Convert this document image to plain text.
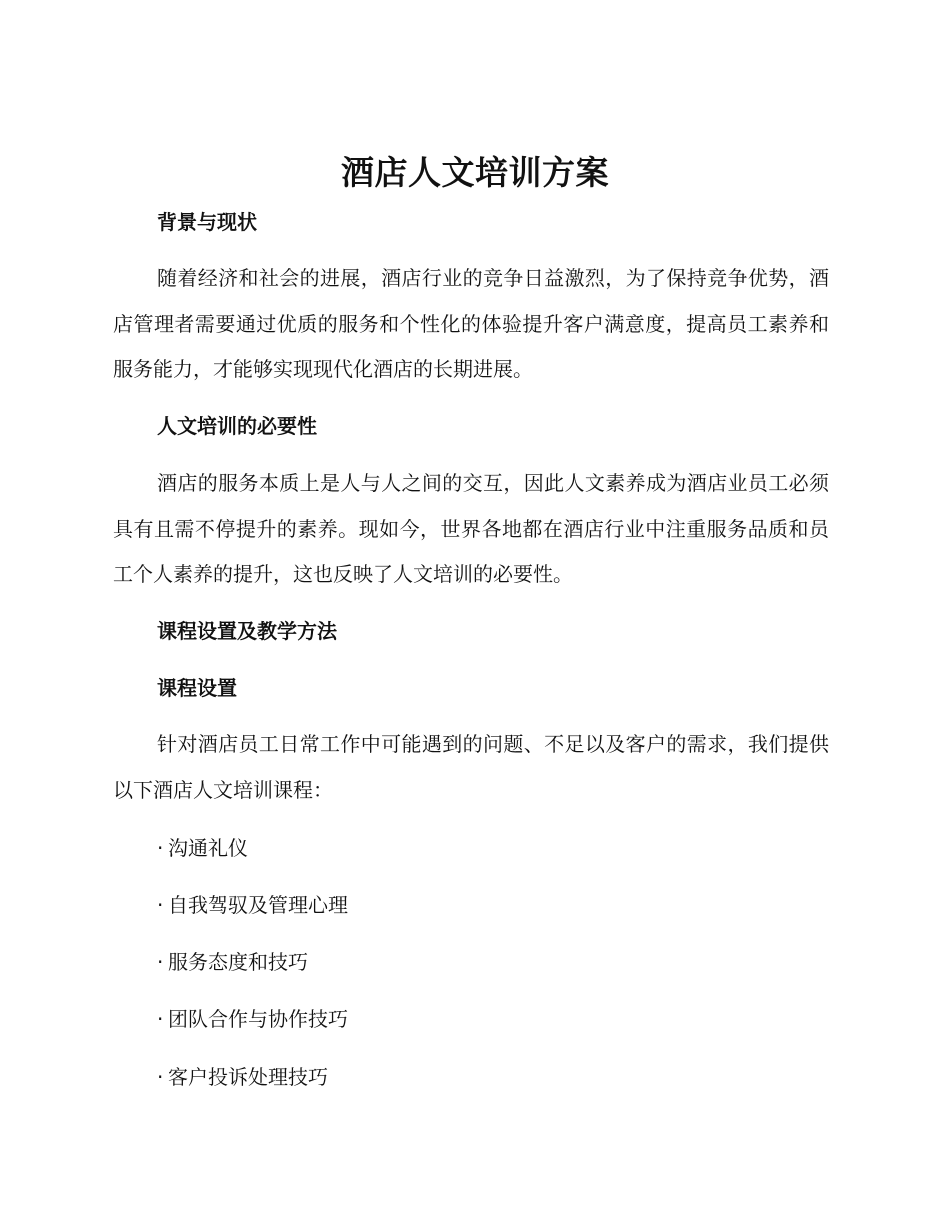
酒店人文培训方案
背景与现状
随着经济和社会的进展，酒店行业的竞争日益激烈，为了保持竞争优势，酒店管理者需要通过优质的服务和个性化的体验提升客户满意度，提高员工素养和服务能力，才能够实现现代化酒店的长期进展。
人文培训的必要性
酒店的服务本质上是人与人之间的交互，因此人文素养成为酒店业员工必须具有且需不停提升的素养。现如今，世界各地都在酒店行业中注重服务品质和员工个人素养的提升，这也反映了人文培训的必要性。
课程设置及教学方法
课程设置
针对酒店员工日常工作中可能遇到的问题、不足以及客户的需求，我们提供以下酒店人文培训课程：
· 沟通礼仪
· 自我驾驭及管理心理
· 服务态度和技巧
· 团队合作与协作技巧
· 客户投诉处理技巧
